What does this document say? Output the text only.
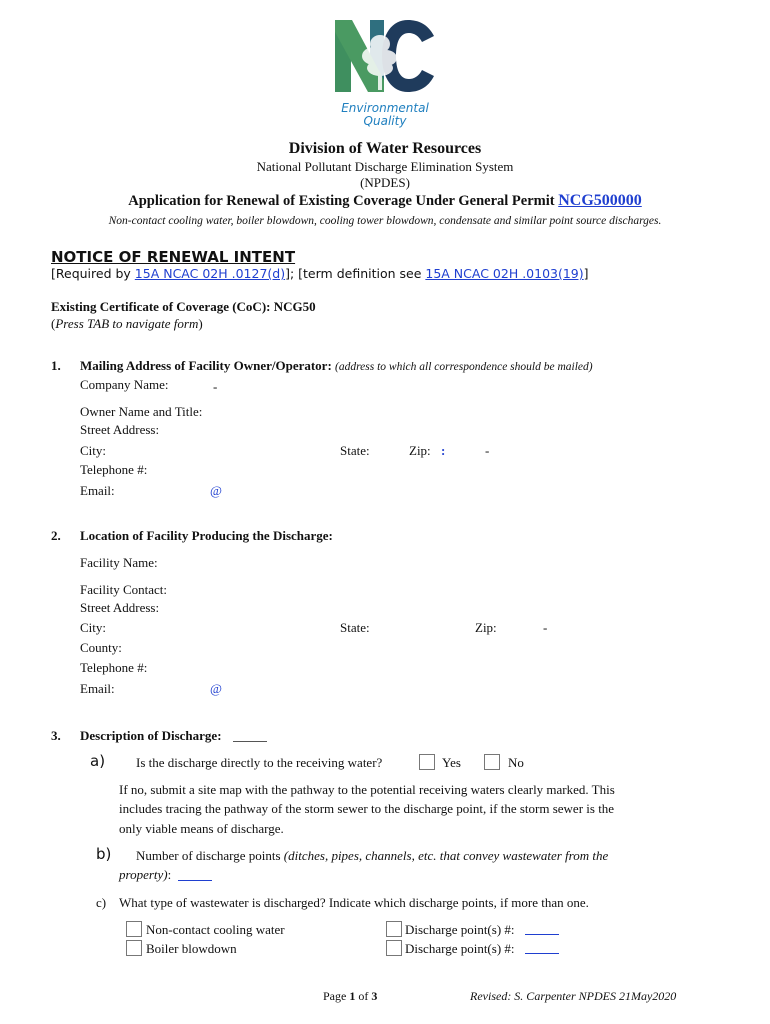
Environmental
Quality
Division of Water Resources
National Pollutant Discharge Elimination System
(NPDES)
Application for Renewal of Existing Coverage Under General Permit NCG500000
Non-contact cooling water, boiler blowdown, cooling tower blowdown, condensate and similar point source discharges.
NOTICE OF RENEWAL INTENT
[Required by 15A NCAC 02H .0127(d)]; [term definition see 15A NCAC 02H .0103(19)]
Existing Certificate of Coverage (CoC): NCG50
(Press TAB to navigate form)
1. Mailing Address of Facility Owner/Operator: (address to which all correspondence should be mailed)
Company Name:	-
Owner Name and Title:
Street Address:
City:	State:	Zip: :	-
Telephone #:
Email:	@
2. Location of Facility Producing the Discharge:
Facility Name:
Facility Contact:
Street Address:
City:	State:	Zip:	-
County:
Telephone #:
Email:	@
3. Description of Discharge:
a) Is the discharge directly to the receiving water?	Yes	No
If no, submit a site map with the pathway to the potential receiving waters clearly marked. This
includes tracing the pathway of the storm sewer to the discharge point, if the storm sewer is the
only viable means of discharge.
b) Number of discharge points (ditches, pipes, channels, etc. that convey wastewater from the
property):
c) What type of wastewater is discharged? Indicate which discharge points, if more than one.
Non-contact cooling water	Discharge point(s) #:
Boiler blowdown	Discharge point(s) #:
Page 1 of 3	Revised: S. Carpenter NPDES 21May2020
